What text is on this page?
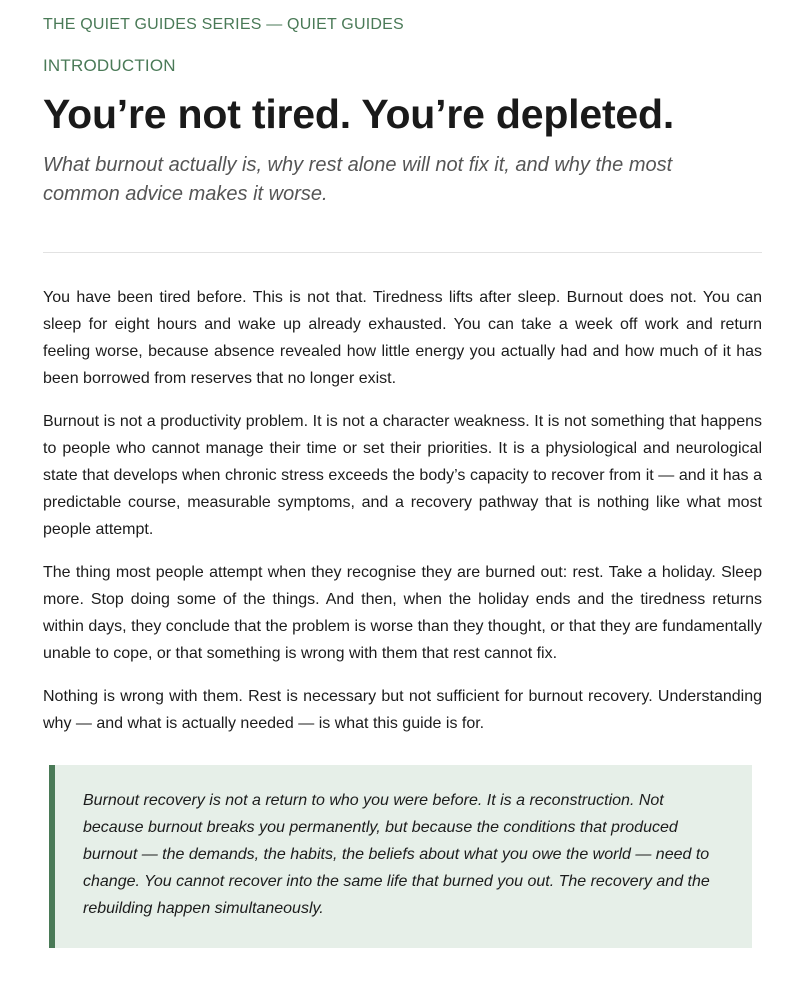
THE QUIET GUIDES SERIES — QUIET GUIDES
INTRODUCTION
You’re not tired. You’re depleted.

What burnout actually is, why rest alone will not fix it, and why the most common advice makes it worse.

You have been tired before. This is not that. Tiredness lifts after sleep. Burnout does not. You can sleep for eight hours and wake up already exhausted. You can take a week off work and return feeling worse, because absence revealed how little energy you actually had and how much of it has been borrowed from reserves that no longer exist.

Burnout is not a productivity problem. It is not a character weakness. It is not something that happens to people who cannot manage their time or set their priorities. It is a physiological and neurological state that develops when chronic stress exceeds the body’s capacity to recover from it — and it has a predictable course, measurable symptoms, and a recovery pathway that is nothing like what most people attempt.

The thing most people attempt when they recognise they are burned out: rest. Take a holiday. Sleep more. Stop doing some of the things. And then, when the holiday ends and the tiredness returns within days, they conclude that the problem is worse than they thought, or that they are fundamentally unable to cope, or that something is wrong with them that rest cannot fix.

Nothing is wrong with them. Rest is necessary but not sufficient for burnout recovery. Understanding why — and what is actually needed — is what this guide is for.

Burnout recovery is not a return to who you were before. It is a reconstruction. Not because burnout breaks you permanently, but because the conditions that produced burnout — the demands, the habits, the beliefs about what you owe the world — need to change. You cannot recover into the same life that burned you out. The recovery and the rebuilding happen simultaneously.
